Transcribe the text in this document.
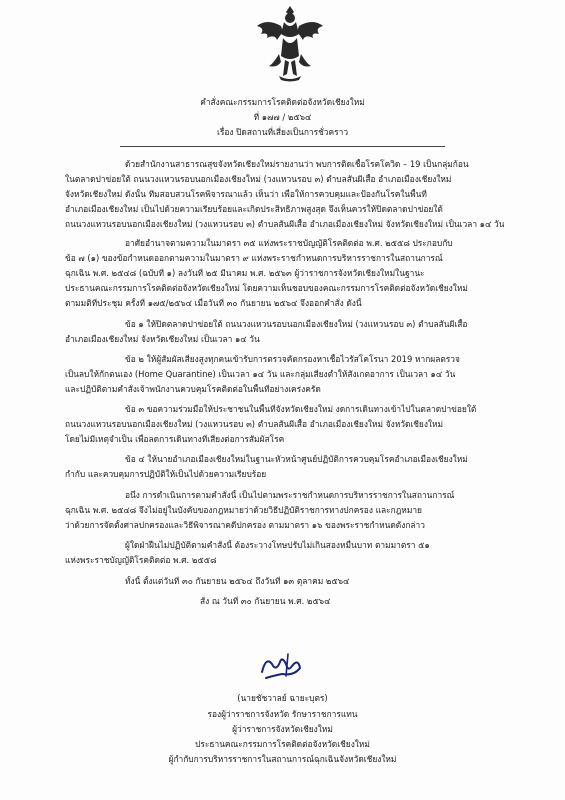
คำสั่งคณะกรรมการโรคติดต่อจังหวัดเชียงใหม่
ที่ ๑๗๗ / ๒๕๖๔
เรื่อง ปิดสถานที่เสี่ยงเป็นการชั่วคราว
ด้วยสำนักงานสาธารณสุขจังหวัดเชียงใหม่รายงานว่า พบการติดเชื้อโรคโควิด – 19 เป็นกลุ่มก้อน
ในตลาดปาข่อยใต้ ถนนวงแหวนรอบนอกเมืองเชียงใหม่ (วงแหวนรอบ ๓) ตำบลสันผีเสื้อ อำเภอเมืองเชียงใหม่
จังหวัดเชียงใหม่ ดังนั้น ทีมสอบสวนโรคพิจารณาแล้ว เห็นว่า เพื่อให้การควบคุมและป้องกันโรคในพื้นที่
อำเภอเมืองเชียงใหม่ เป็นไปด้วยความเรียบร้อยและเกิดประสิทธิภาพสูงสุด จึงเห็นควรให้ปิดตลาดปาข่อยใต้
ถนนวงแหวนรอบนอกเมืองเชียงใหม่ (วงแหวนรอบ ๓) ตำบลสันผีเสื้อ อำเภอเมืองเชียงใหม่ จังหวัดเชียงใหม่ เป็นเวลา ๑๔ วัน
อาศัยอำนาจตามความในมาตรา ๓๕ แห่งพระราชบัญญัติโรคติดต่อ พ.ศ. ๒๕๕๘ ประกอบกับ
ข้อ ๗ (๑) ของข้อกำหนดออกตามความในมาตรา ๙ แห่งพระราชกำหนดการบริหารราชการในสถานการณ์
ฉุกเฉิน พ.ศ. ๒๕๔๘ (ฉบับที่ ๑) ลงวันที่ ๒๕ มีนาคม พ.ศ. ๒๕๖๓ ผู้ว่าราชการจังหวัดเชียงใหม่ในฐานะ
ประธานคณะกรรมการโรคติดต่อจังหวัดเชียงใหม่ โดยความเห็นชอบของคณะกรรมการโรคติดต่อจังหวัดเชียงใหม่
ตามมติที่ประชุม ครั้งที่ ๑๗๕/๒๕๖๔ เมื่อวันที่ ๓๐ กันยายน ๒๕๖๔ จึงออกคำสั่ง ดังนี้
ข้อ ๑ ให้ปิดตลาดปาข่อยใต้ ถนนวงแหวนรอบนอกเมืองเชียงใหม่ (วงแหวนรอบ ๓) ตำบลสันผีเสื้อ
อำเภอเมืองเชียงใหม่ จังหวัดเชียงใหม่ เป็นเวลา ๑๔ วัน
ข้อ ๒ ให้ผู้สัมผัสเสี่ยงสูงทุกคนเข้ารับการตรวจคัดกรองหาเชื้อไวรัสโคโรนา 2019 หากผลตรวจ
เป็นลบให้กักตนเอง (Home Quarantine) เป็นเวลา ๑๔ วัน และกลุ่มเสี่ยงต่ำให้สังเกตอาการ เป็นเวลา ๑๔ วัน
และปฏิบัติตามคำสั่งเจ้าพนักงานควบคุมโรคติดต่อในพื้นที่อย่างเคร่งครัด
ข้อ ๓ ขอความร่วมมือให้ประชาชนในพื้นที่จังหวัดเชียงใหม่ งดการเดินทางเข้าไปในตลาดปาข่อยใต้
ถนนวงแหวนรอบนอกเมืองเชียงใหม่ (วงแหวนรอบ ๓) ตำบลสันผีเสื้อ อำเภอเมืองเชียงใหม่ จังหวัดเชียงใหม่
โดยไม่มีเหตุจำเป็น เพื่อลดการเดินทางที่เสี่ยงต่อการสัมผัสโรค
ข้อ ๔ ให้นายอำเภอเมืองเชียงใหม่ในฐานะหัวหน้าศูนย์ปฏิบัติการควบคุมโรคอำเภอเมืองเชียงใหม่
กำกับ และควบคุมการปฏิบัติให้เป็นไปด้วยความเรียบร้อย
อนึ่ง การดำเนินการตามคำสั่งนี้ เป็นไปตามพระราชกำหนดการบริหารราชการในสถานการณ์
ฉุกเฉิน พ.ศ. ๒๕๔๘ จึงไม่อยู่ในบังคับของกฎหมายว่าด้วยวิธีปฏิบัติราชการทางปกครอง และกฎหมาย
ว่าด้วยการจัดตั้งศาลปกครองและวิธีพิจารณาคดีปกครอง ตามมาตรา ๑๖ ของพระราชกำหนดดังกล่าว
ผู้ใดฝ่าฝืนไม่ปฏิบัติตามคำสั่งนี้ ต้องระวางโทษปรับไม่เกินสองหมื่นบาท ตามมาตรา ๕๑
แห่งพระราชบัญญัติโรคติดต่อ พ.ศ. ๒๕๕๘
ทั้งนี้ ตั้งแต่วันที่ ๓๐ กันยายน ๒๕๖๔ ถึงวันที่ ๑๓ ตุลาคม ๒๕๖๔
สั่ง ณ วันที่ ๓๐ กันยายน พ.ศ. ๒๕๖๔
(นายชัชวาลย์ ฉายะบุตร)
รองผู้ว่าราชการจังหวัด รักษาราชการแทน
ผู้ว่าราชการจังหวัดเชียงใหม่
ประธานคณะกรรมการโรคติดต่อจังหวัดเชียงใหม่
ผู้กำกับการบริหารราชการในสถานการณ์ฉุกเฉินจังหวัดเชียงใหม่
